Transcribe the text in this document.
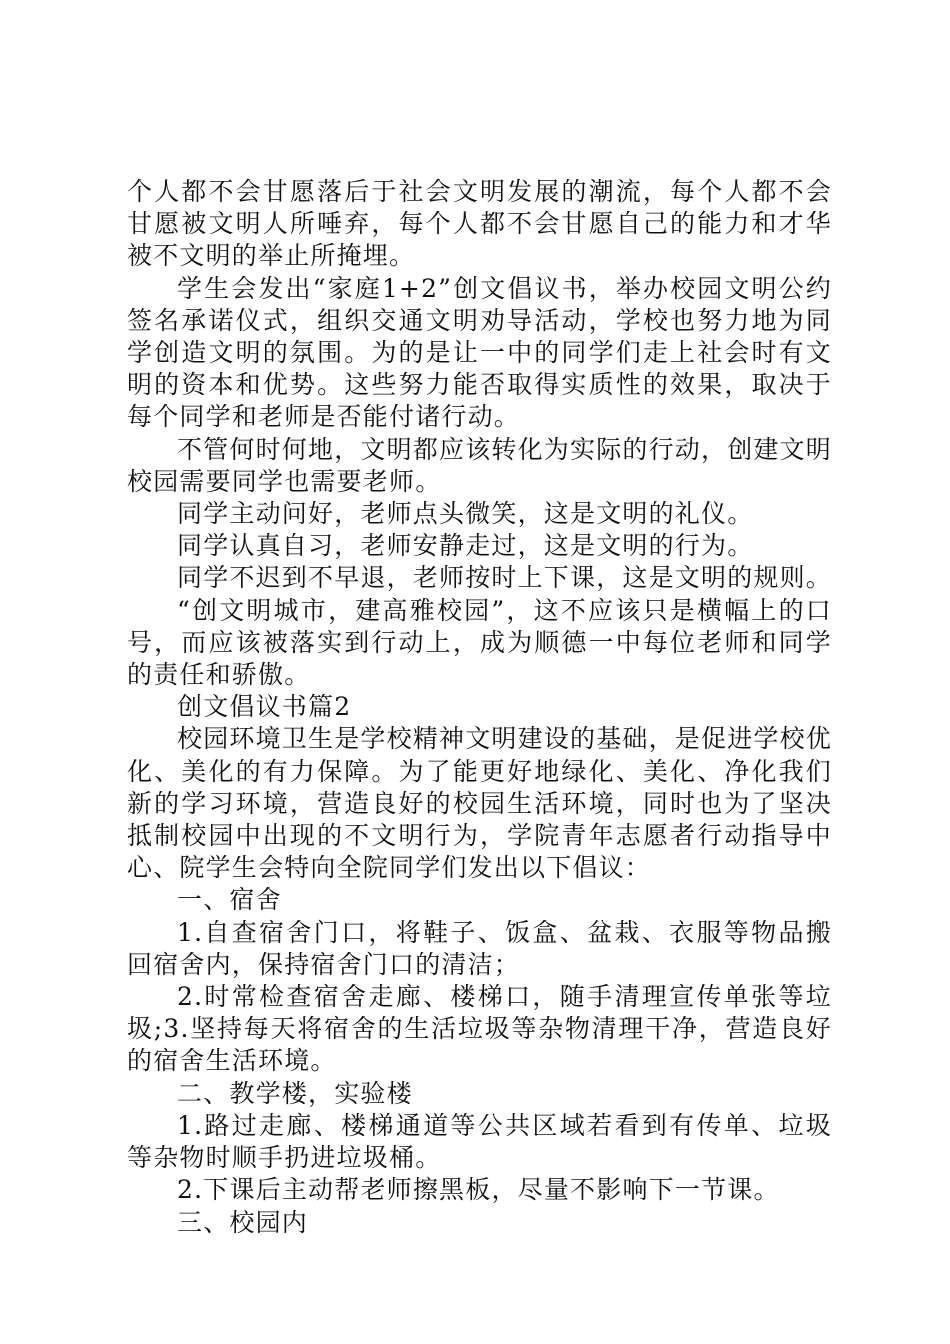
个人都不会甘愿落后于社会文明发展的潮流，每个人都不会甘愿被文明人所唾弃，每个人都不会甘愿自己的能力和才华被不文明的举止所掩埋。

学生会发出“家庭1+2”创文倡议书，举办校园文明公约签名承诺仪式，组织交通文明劝导活动，学校也努力地为同学创造文明的氛围。为的是让一中的同学们走上社会时有文明的资本和优势。这些努力能否取得实质性的效果，取决于每个同学和老师是否能付诸行动。

不管何时何地，文明都应该转化为实际的行动，创建文明校园需要同学也需要老师。

同学主动问好，老师点头微笑，这是文明的礼仪。

同学认真自习，老师安静走过，这是文明的行为。

同学不迟到不早退，老师按时上下课，这是文明的规则。

“创文明城市，建高雅校园”，这不应该只是横幅上的口号，而应该被落实到行动上，成为顺德一中每位老师和同学的责任和骄傲。

创文倡议书篇2

校园环境卫生是学校精神文明建设的基础，是促进学校优化、美化的有力保障。为了能更好地绿化、美化、净化我们新的学习环境，营造良好的校园生活环境，同时也为了坚决抵制校园中出现的不文明行为，学院青年志愿者行动指导中心、院学生会特向全院同学们发出以下倡议：

一、宿舍

1.自查宿舍门口，将鞋子、饭盒、盆栽、衣服等物品搬回宿舍内，保持宿舍门口的清洁；

2.时常检查宿舍走廊、楼梯口，随手清理宣传单张等垃圾;3.坚持每天将宿舍的生活垃圾等杂物清理干净，营造良好的宿舍生活环境。

二、教学楼，实验楼

1.路过走廊、楼梯通道等公共区域若看到有传单、垃圾等杂物时顺手扔进垃圾桶。

2.下课后主动帮老师擦黑板，尽量不影响下一节课。

三、校园内
